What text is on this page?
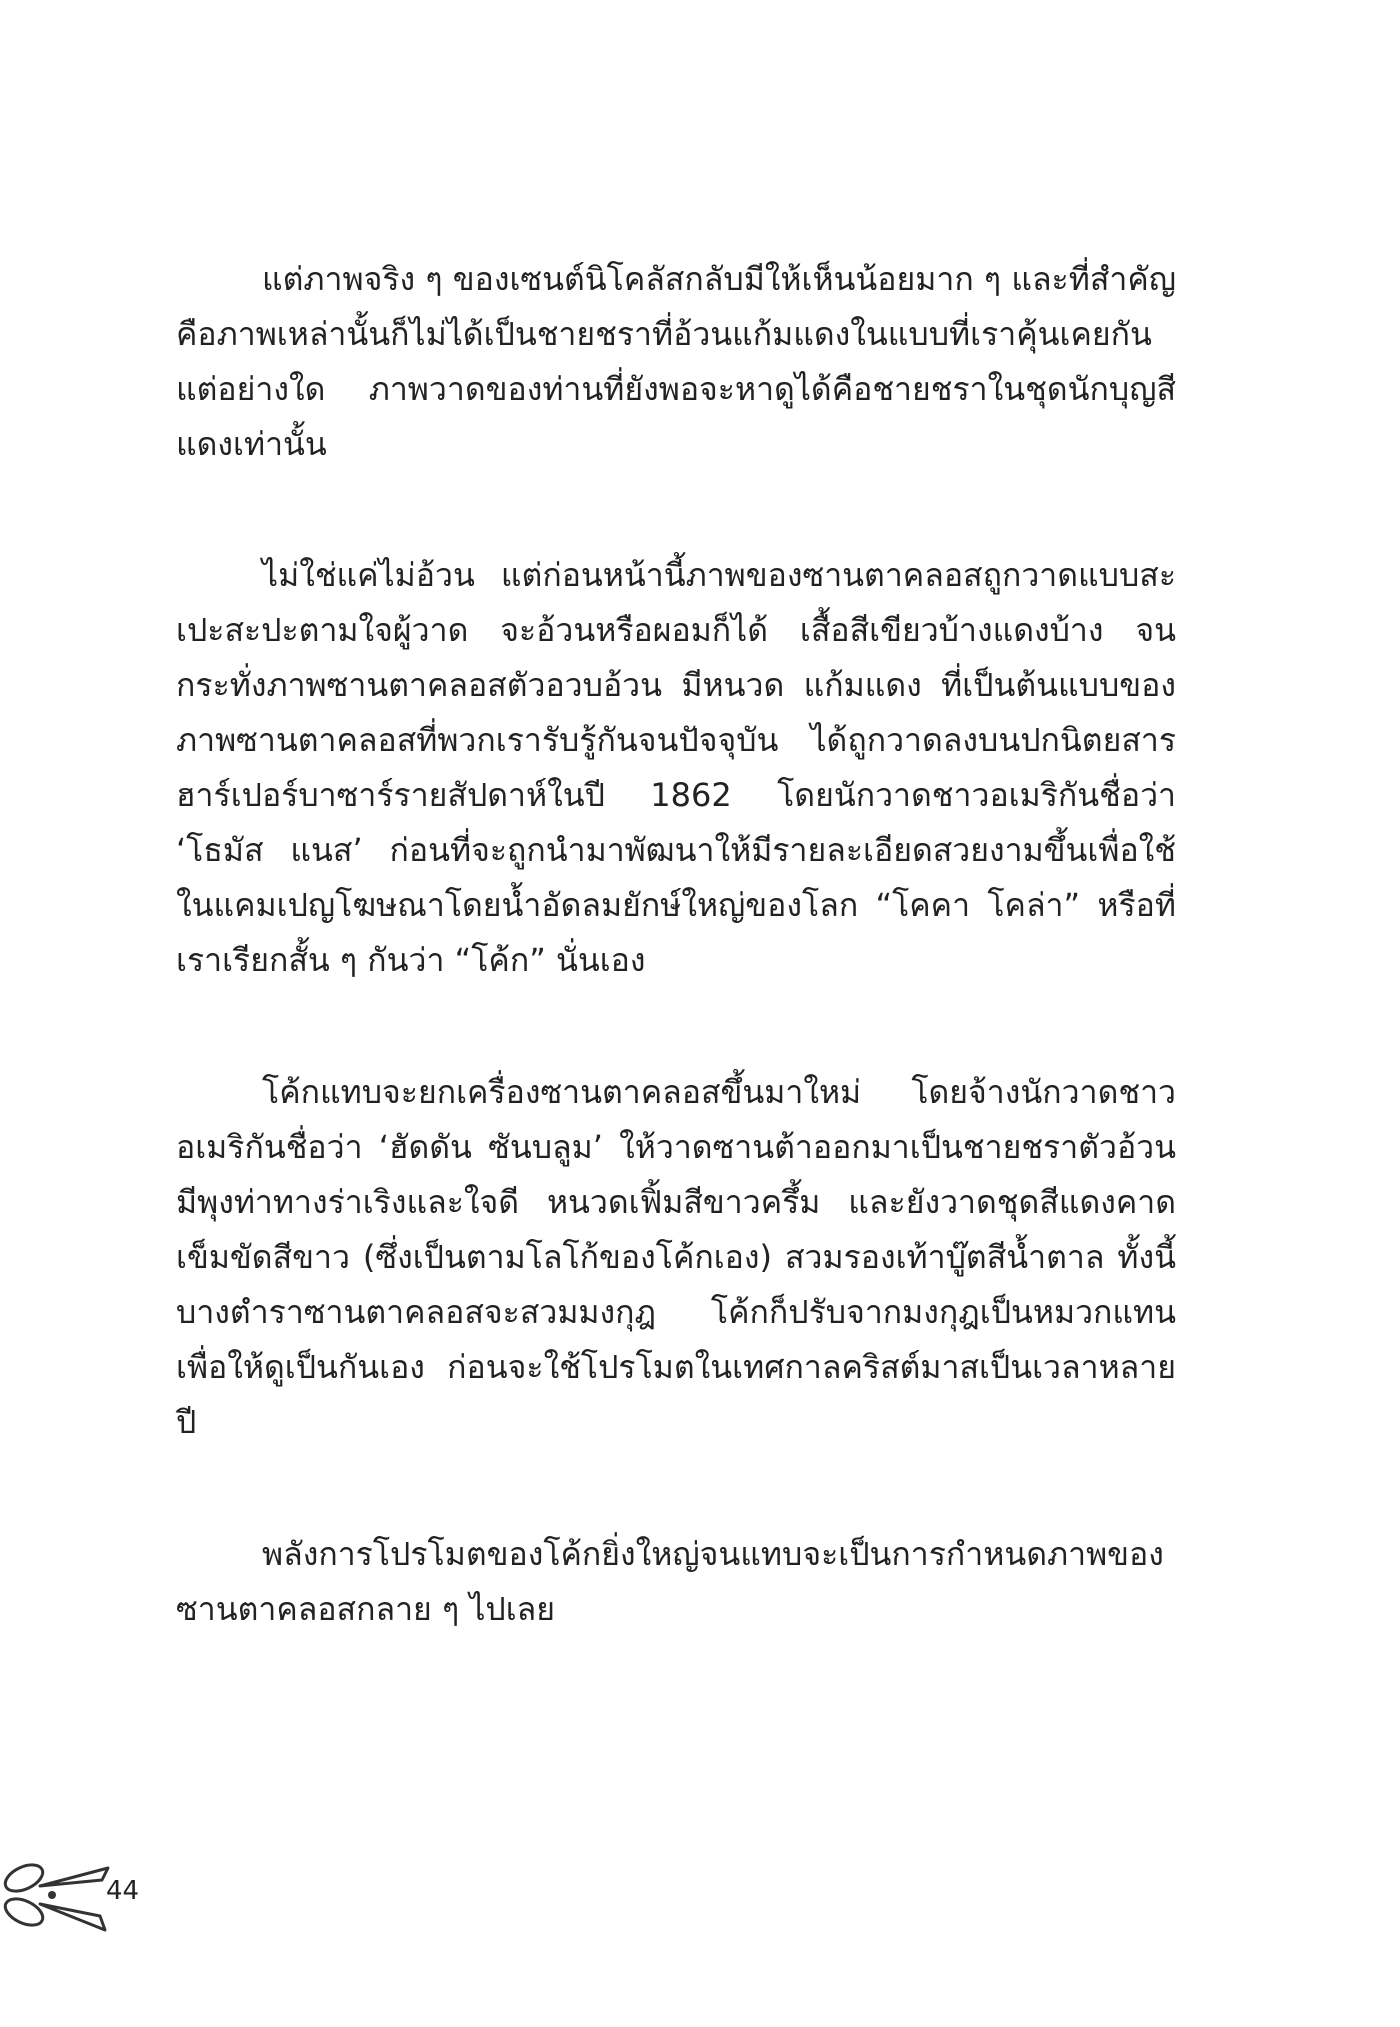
แต่ภาพจริง ๆ ของเซนต์นิโคลัสกลับมีให้เห็นน้อยมาก ๆ และที่สำคัญคือภาพเหล่านั้นก็ไม่ได้เป็นชายชราที่อ้วนแก้มแดงในแบบที่เราคุ้นเคยกันแต่อย่างใด ภาพวาดของท่านที่ยังพอจะหาดูได้คือชายชราในชุดนักบุญสีแดงเท่านั้น

ไม่ใช่แค่ไม่อ้วน แต่ก่อนหน้านี้ภาพของซานตาคลอสถูกวาดแบบสะเปะสะปะตามใจผู้วาด จะอ้วนหรือผอมก็ได้ เสื้อสีเขียวบ้างแดงบ้าง จนกระทั่งภาพซานตาคลอสตัวอวบอ้วน มีหนวด แก้มแดง ที่เป็นต้นแบบของภาพซานตาคลอสที่พวกเรารับรู้กันจนปัจจุบัน ได้ถูกวาดลงบนปกนิตยสารฮาร์เปอร์บาซาร์รายสัปดาห์ในปี 1862 โดยนักวาดชาวอเมริกันชื่อว่า ‘โธมัส แนส’ ก่อนที่จะถูกนำมาพัฒนาให้มีรายละเอียดสวยงามขึ้นเพื่อใช้ในแคมเปญโฆษณาโดยน้ำอัดลมยักษ์ใหญ่ของโลก “โคคา โคล่า” หรือที่เราเรียกสั้น ๆ กันว่า “โค้ก” นั่นเอง

โค้กแทบจะยกเครื่องซานตาคลอสขึ้นมาใหม่ โดยจ้างนักวาดชาวอเมริกันชื่อว่า ‘ฮัดดัน ซันบลูม’ ให้วาดซานต้าออกมาเป็นชายชราตัวอ้วน มีพุงท่าทางร่าเริงและใจดี หนวดเฟิ้มสีขาวครึ้ม และยังวาดชุดสีแดงคาดเข็มขัดสีขาว (ซึ่งเป็นตามโลโก้ของโค้กเอง) สวมรองเท้าบู๊ตสีน้ำตาล ทั้งนี้บางตำราซานตาคลอสจะสวมมงกุฎ โค้กก็ปรับจากมงกุฎเป็นหมวกแทน เพื่อให้ดูเป็นกันเอง ก่อนจะใช้โปรโมตในเทศกาลคริสต์มาสเป็นเวลาหลายปี

พลังการโปรโมตของโค้กยิ่งใหญ่จนแทบจะเป็นการกำหนดภาพของซานตาคลอสกลาย ๆ ไปเลย

44
